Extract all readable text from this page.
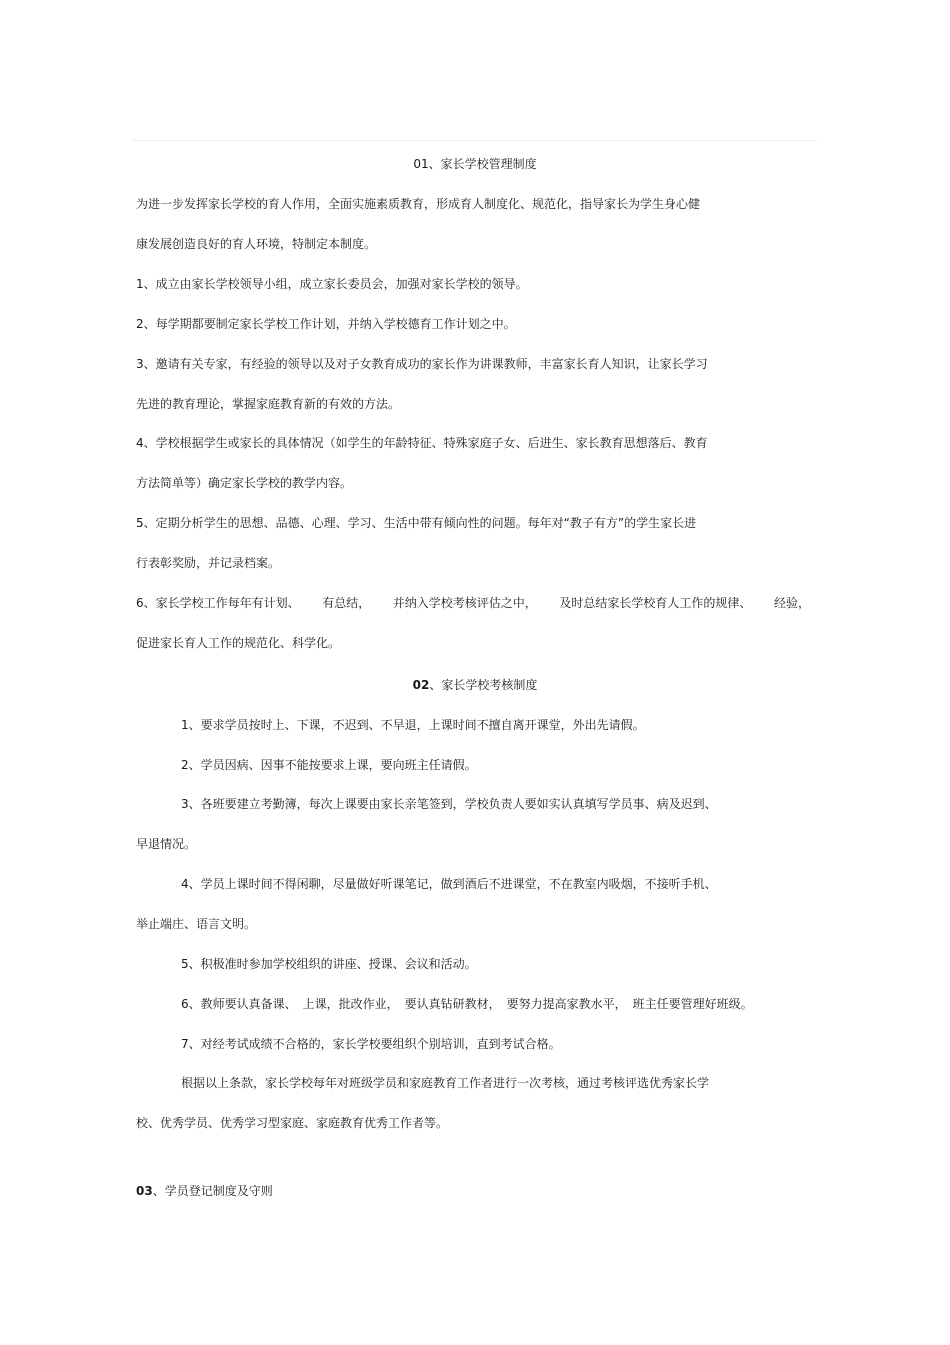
01、家长学校管理制度

为进一步发挥家长学校的育人作用，全面实施素质教育，形成育人制度化、规范化，指导家长为学生身心健

康发展创造良好的育人环境，特制定本制度。

1、成立由家长学校领导小组，成立家长委员会，加强对家长学校的领导。

2、每学期都要制定家长学校工作计划，并纳入学校德育工作计划之中。

3、邀请有关专家，有经验的领导以及对子女教育成功的家长作为讲课教师，丰富家长育人知识，让家长学习

先进的教育理论，掌握家庭教育新的有效的方法。

4、学校根据学生或家长的具体情况（如学生的年龄特征、特殊家庭子女、后进生、家长教育思想落后、教育

方法简单等）确定家长学校的教学内容。

5、定期分析学生的思想、品德、心理、学习、生活中带有倾向性的问题。每年对“教子有方”的学生家长进

行表彰奖励，并记录档案。

6、家长学校工作每年有计划、 有总结， 并纳入学校考核评估之中， 及时总结家长学校育人工作的规律、 经验，

促进家长育人工作的规范化、科学化。

02、家长学校考核制度

1、要求学员按时上、下课，不迟到、不早退，上课时间不擅自离开课堂，外出先请假。

2、学员因病、因事不能按要求上课，要向班主任请假。

3、各班要建立考勤簿，每次上课要由家长亲笔签到，学校负责人要如实认真填写学员事、病及迟到、

早退情况。

4、学员上课时间不得闲聊，尽量做好听课笔记，做到酒后不进课堂，不在教室内吸烟，不接听手机、

举止端庄、语言文明。

5、积极准时参加学校组织的讲座、授课、会议和活动。

6、教师要认真备课、　上课，批改作业，　要认真钻研教材，　要努力提高家教水平，　班主任要管理好班级。

7、对经考试成绩不合格的，家长学校要组织个别培训，直到考试合格。

根据以上条款，家长学校每年对班级学员和家庭教育工作者进行一次考核，通过考核评选优秀家长学

校、优秀学员、优秀学习型家庭、家庭教育优秀工作者等。

03、学员登记制度及守则
